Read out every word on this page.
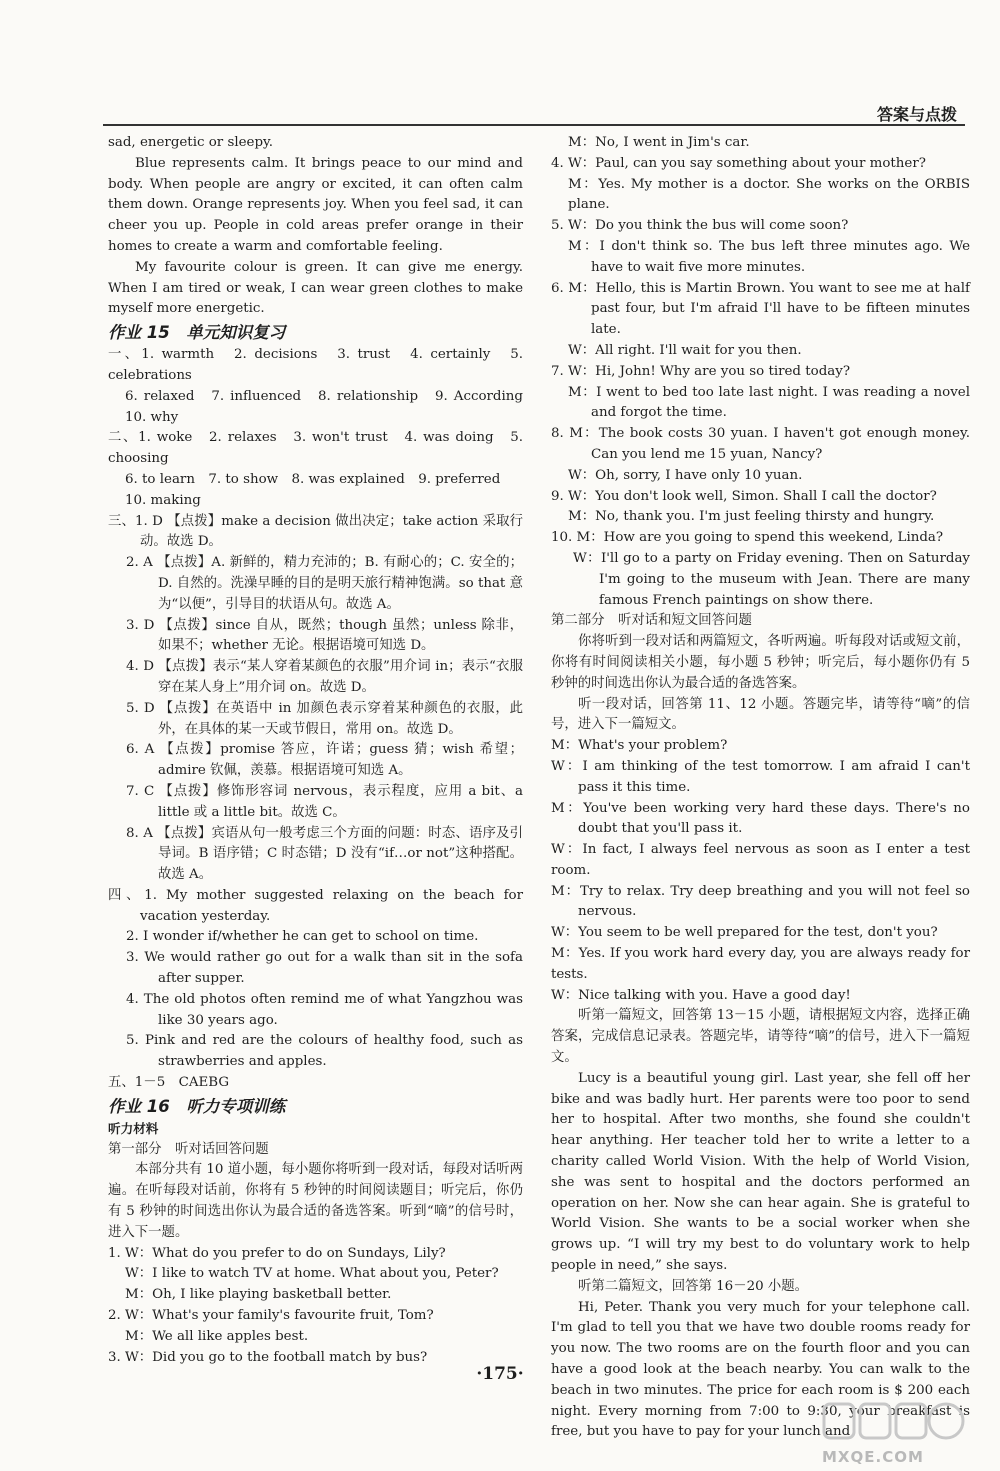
答案与点拨

sad, energetic or sleepy.

Blue represents calm. It brings peace to our mind and body. When people are angry or excited, it can often calm them down. Orange represents joy. When you feel sad, it can cheer you up. People in cold areas prefer orange in their homes to create a warm and comfortable feeling.

My favourite colour is green. It can give me energy. When I am tired or weak, I can wear green clothes to make myself more energetic.

作业 15　单元知识复习

一、1. warmth　2. decisions　3. trust　4. certainly　5. celebrations

6. relaxed　7. influenced　8. relationship　9. According　10. why

二、1. woke　2. relaxes　3. won't trust　4. was doing　5. choosing

6. to learn　7. to show　8. was explained　9. preferred

10. making

三、1. D 【点拨】make a decision 做出决定；take action 采取行动。故选 D。

2. A 【点拨】A. 新鲜的，精力充沛的；B. 有耐心的；C. 安全的；D. 自然的。洗澡早睡的目的是明天旅行精神饱满。so that 意为“以便”，引导目的状语从句。故选 A。

3. D 【点拨】since 自从，既然；though 虽然；unless 除非，如果不；whether 无论。根据语境可知选 D。

4. D 【点拨】表示“某人穿着某颜色的衣服”用介词 in；表示“衣服穿在某人身上”用介词 on。故选 D。

5. D 【点拨】在英语中 in 加颜色表示穿着某种颜色的衣服，此外，在具体的某一天或节假日，常用 on。故选 D。

6. A 【点拨】promise 答应，许诺；guess 猜；wish 希望；admire 钦佩，羡慕。根据语境可知选 A。

7. C 【点拨】修饰形容词 nervous，表示程度，应用 a bit、a little 或 a little bit。故选 C。

8. A 【点拨】宾语从句一般考虑三个方面的问题：时态、语序及引导词。B 语序错；C 时态错；D 没有“if…or not”这种搭配。故选 A。

四、1. My mother suggested relaxing on the beach for vacation yesterday.

2. I wonder if/whether he can get to school on time.

3. We would rather go out for a walk than sit in the sofa after supper.

4. The old photos often remind me of what Yangzhou was like 30 years ago.

5. Pink and red are the colours of healthy food, such as strawberries and apples.

五、1－5　CAEBG

作业 16　听力专项训练

听力材料

第一部分　听对话回答问题

本部分共有 10 道小题，每小题你将听到一段对话，每段对话听两遍。在听每段对话前，你将有 5 秒钟的时间阅读题目；听完后，你仍有 5 秒钟的时间选出你认为最合适的备选答案。听到“嘀”的信号时，进入下一题。

1. W：What do you prefer to do on Sundays, Lily?

W：I like to watch TV at home. What about you, Peter?

M：Oh, I like playing basketball better.

2. W：What's your family's favourite fruit, Tom?

M：We all like apples best.

3. W：Did you go to the football match by bus?

M：No, I went in Jim's car.

4. W：Paul, can you say something about your mother?

M：Yes. My mother is a doctor. She works on the ORBIS plane.

5. W：Do you think the bus will come soon?

M：I don't think so. The bus left three minutes ago. We have to wait five more minutes.

6. M：Hello, this is Martin Brown. You want to see me at half past four, but I'm afraid I'll have to be fifteen minutes late.

W：All right. I'll wait for you then.

7. W：Hi, John! Why are you so tired today?

M：I went to bed too late last night. I was reading a novel and forgot the time.

8. M：The book costs 30 yuan. I haven't got enough money. Can you lend me 15 yuan, Nancy?

W：Oh, sorry, I have only 10 yuan.

9. W：You don't look well, Simon. Shall I call the doctor?

M：No, thank you. I'm just feeling thirsty and hungry.

10. M：How are you going to spend this weekend, Linda?

W：I'll go to a party on Friday evening. Then on Saturday I'm going to the museum with Jean. There are many famous French paintings on show there.

第二部分　听对话和短文回答问题

你将听到一段对话和两篇短文，各听两遍。听每段对话或短文前，你将有时间阅读相关小题，每小题 5 秒钟；听完后，每小题你仍有 5 秒钟的时间选出你认为最合适的备选答案。

听一段对话，回答第 11、12 小题。答题完毕，请等待“嘀”的信号，进入下一篇短文。

M：What's your problem?

W：I am thinking of the test tomorrow. I am afraid I can't pass it this time.

M：You've been working very hard these days. There's no doubt that you'll pass it.

W：In fact, I always feel nervous as soon as I enter a test room.

M：Try to relax. Try deep breathing and you will not feel so nervous.

W：You seem to be well prepared for the test, don't you?

M：Yes. If you work hard every day, you are always ready for tests.

W：Nice talking with you. Have a good day!

听第一篇短文，回答第 13－15 小题，请根据短文内容，选择正确答案，完成信息记录表。答题完毕，请等待“嘀”的信号，进入下一篇短文。

Lucy is a beautiful young girl. Last year, she fell off her bike and was badly hurt. Her parents were too poor to send her to hospital. After two months, she found she couldn't hear anything. Her teacher told her to write a letter to a charity called World Vision. With the help of World Vision, she was sent to hospital and the doctors performed an operation on her. Now she can hear again. She is grateful to World Vision. She wants to be a social worker when she grows up. “I will try my best to do voluntary work to help people in need,” she says.

听第二篇短文，回答第 16－20 小题。

Hi, Peter. Thank you very much for your telephone call. I'm glad to tell you that we have two double rooms ready for you now. The two rooms are on the fourth floor and you can have a good look at the beach nearby. You can walk to the beach in two minutes. The price for each room is $ 200 each night. Every morning from 7:00 to 9:30, your breakfast is free, but you have to pay for your lunch and

·175·
MXQE.COM
